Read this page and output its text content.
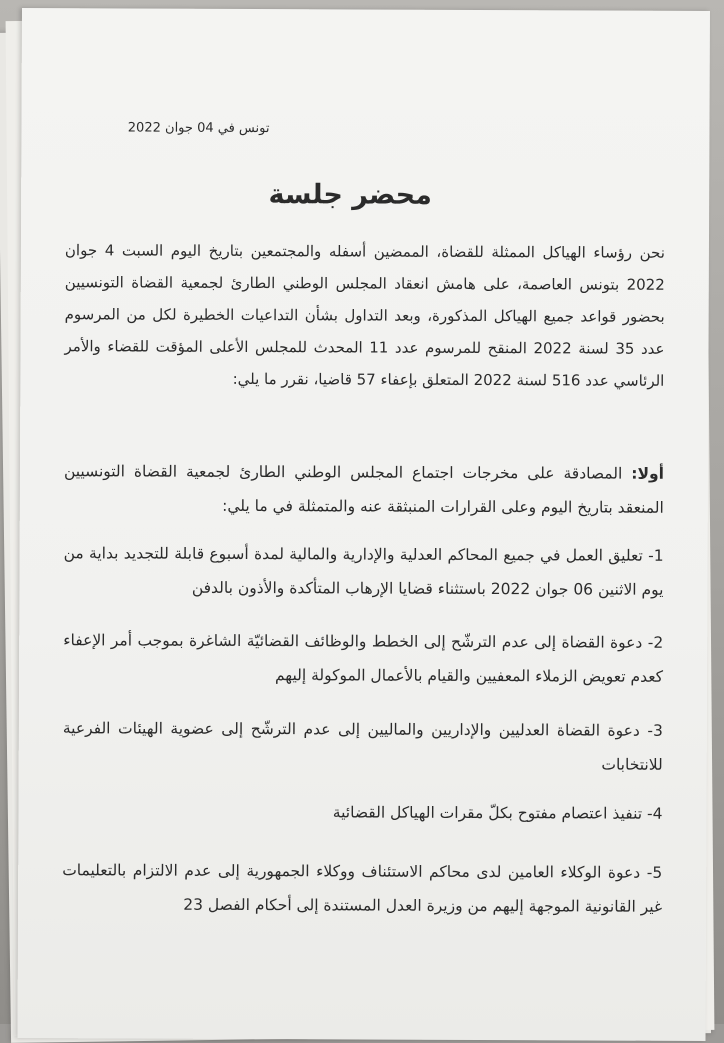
تونس في 04 جوان 2022
محضر جلسة
نحن رؤساء الهياكل الممثلة للقضاة، الممضين أسفله والمجتمعين بتاريخ اليوم السبت 4 جوان 2022 بتونس العاصمة، على هامش انعقاد المجلس الوطني الطارئ لجمعية القضاة التونسيين بحضور قواعد جميع الهياكل المذكورة، وبعد التداول بشأن التداعيات الخطيرة لكل من المرسوم عدد 35 لسنة 2022 المنقح للمرسوم عدد 11 المحدث للمجلس الأعلى المؤقت للقضاء والأمر الرئاسي عدد 516 لسنة 2022 المتعلق بإعفاء 57 قاضيا، نقرر ما يلي:
أولا: المصادقة على مخرجات اجتماع المجلس الوطني الطارئ لجمعية القضاة التونسيين المنعقد بتاريخ اليوم وعلى القرارات المنبثقة عنه والمتمثلة في ما يلي:
1- تعليق العمل في جميع المحاكم العدلية والإدارية والمالية لمدة أسبوع قابلة للتجديد بداية من يوم الاثنين 06 جوان 2022 باستثناء قضايا الإرهاب المتأكدة والأذون بالدفن
2- دعوة القضاة إلى عدم الترشّح إلى الخطط والوظائف القضائيّة الشاغرة بموجب أمر الإعفاء كعدم تعويض الزملاء المعفيين والقيام بالأعمال الموكولة إليهم
3- دعوة القضاة العدليين والإداريين والماليين إلى عدم الترشّح إلى عضوية الهيئات الفرعية للانتخابات
4- تنفيذ اعتصام مفتوح بكلّ مقرات الهياكل القضائية
5- دعوة الوكلاء العامين لدى محاكم الاستئناف ووكلاء الجمهورية إلى عدم الالتزام بالتعليمات غير القانونية الموجهة إليهم من وزيرة العدل المستندة إلى أحكام الفصل 23
